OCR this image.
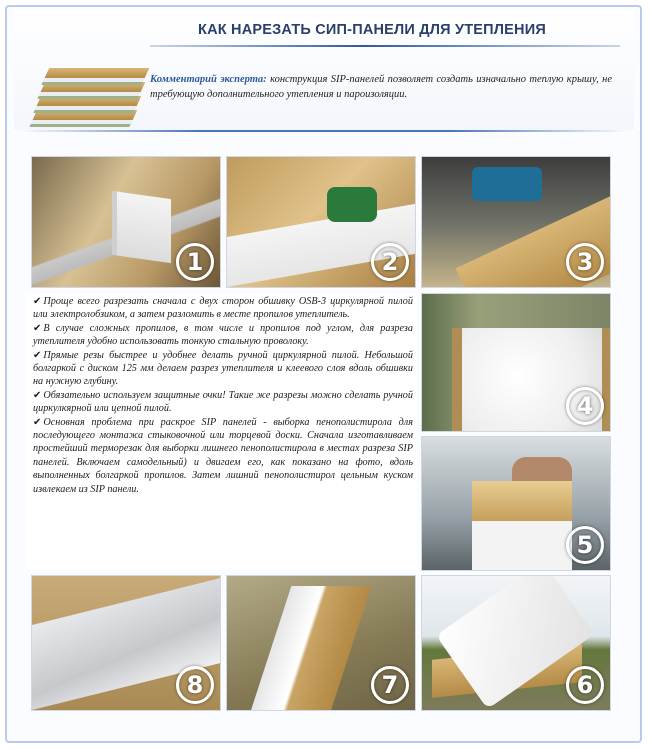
КАК НАРЕЗАТЬ СИП-ПАНЕЛИ ДЛЯ УТЕПЛЕНИЯ
Комментарий эксперта: конструкция SIP-панелей позволяет создать изначально теплую крышу, не требующую дополнительного утепления и пароизоляции.
1	2	3

✔ Проще всего разрезать сначала с двух сторон обшивку OSB-3 циркулярной пилой или электролобзиком, а затем разломить в месте пропилов утеплитель.

✔ В случае сложных пропилов, в том числе и пропилов под углом, для разреза утеплителя удобно использовать тонкую стальную проволоку.

✔ Прямые резы быстрее и удобнее делать ручной циркулярной пилой. Небольшой болгаркой с диском 125 мм делаем разрез утеплителя и клеевого слоя вдоль обшивки на нужную глубину.

✔ Обязательно используем защитные очки! Такие же разрезы можно сделать ручной циркулкярной или цепной пилой.

✔ Основная проблема при раскрое SIP панелей - выборка пенополистирола для последующего монтажа стыковочной или торцевой доски. Сначала изготавливаем простейший терморезак для выборки лишнего пенополистирола в местах разреза SIP панелей. Включаем самодельный) и двигаем его, как показано на фото, вдоль выполненных болгаркой пропилов. Затем лишний пенополистирол цельным куском извлекаем из SIP панели.

4
5
8	7	6
